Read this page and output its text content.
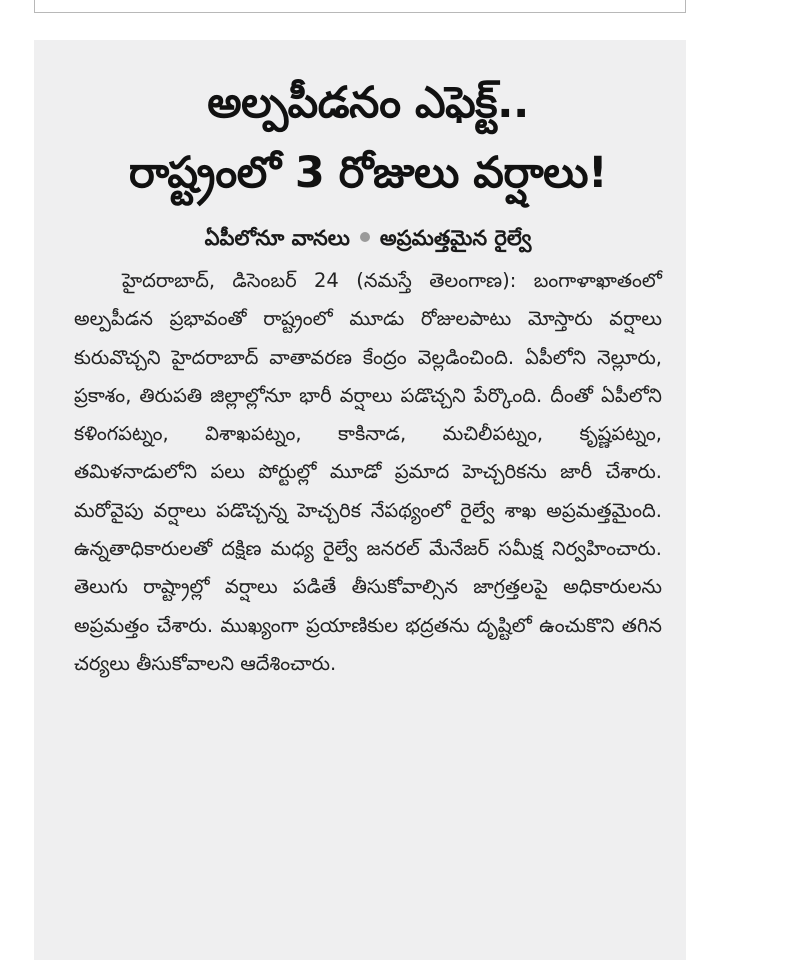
అల్పపీడనం ఎఫెక్ట్..
రాష్ట్రంలో 3 రోజులు వర్షాలు!
ఏపీలోనూ వానలు అప్రమత్తమైన రైల్వే

హైదరాబాద్, డిసెంబర్ 24 (నమస్తే తెలంగాణ): బంగాళాఖాతంలో అల్పపీడన ప్రభావంతో రాష్ట్రంలో మూడు రోజులపాటు మోస్తారు వర్షాలు కురువొచ్చని హైదరాబాద్ వాతావరణ కేంద్రం వెల్లడించింది. ఏపీలోని నెల్లూరు, ప్రకాశం, తిరుపతి జిల్లాల్లోనూ భారీ వర్షాలు పడొచ్చని పేర్కొంది. దీంతో ఏపీలోని కళింగపట్నం, విశాఖపట్నం, కాకినాడ, మచిలీపట్నం, కృష్ణపట్నం, తమిళనాడులోని పలు పోర్టుల్లో మూడో ప్రమాద హెచ్చరికను జారీ చేశారు. మరోవైపు వర్షాలు పడొచ్చన్న హెచ్చరిక నేపథ్యంలో రైల్వే శాఖ అప్రమత్తమైంది. ఉన్నతాధికారులతో దక్షిణ మధ్య రైల్వే జనరల్ మేనేజర్ సమీక్ష నిర్వహించారు. తెలుగు రాష్ట్రాల్లో వర్షాలు పడితే తీసుకోవాల్సిన జాగ్రత్తలపై అధికారులను అప్రమత్తం చేశారు. ముఖ్యంగా ప్రయాణికుల భద్రతను దృష్టిలో ఉంచుకొని తగిన చర్యలు తీసుకోవాలని ఆదేశించారు.
